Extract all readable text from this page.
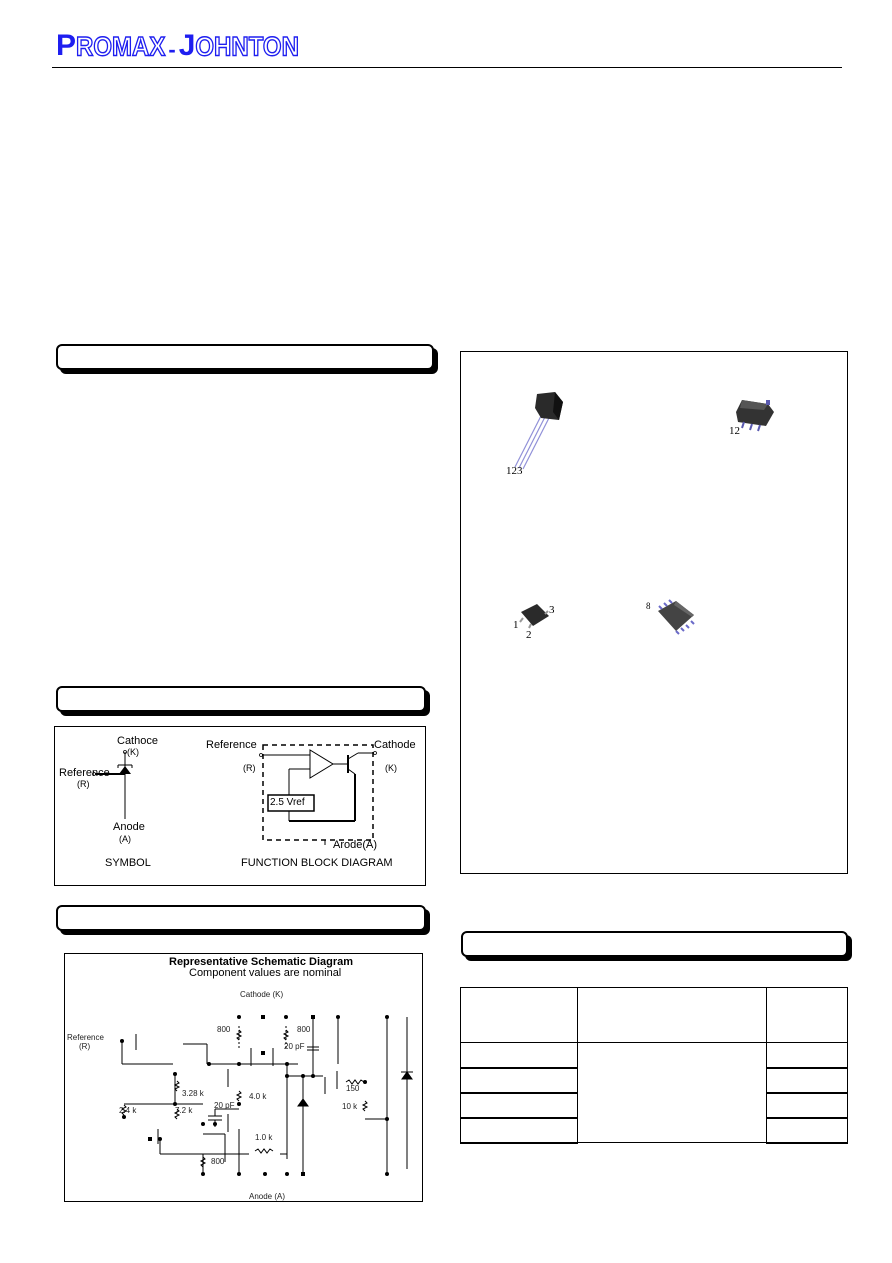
P ROMAX - J OHNTON
Cathoce
(K)
Reference
(R)
Anode
(A)
SYMBOL
Reference
(R)
Cathode
(K)
2.5 Vref
Arode(A)
FUNCTION BLOCK DIAGRAM
Representative Schematic Diagram
Component values are nominal
Cathode (K)
Reference
(R)
Anode (A)
800	800
20 pF
3.28 k
2.4 k	7.2 k
20 pF
4.0 k
1.0 k
800
150
10 k
123
12
1
2
3	8
